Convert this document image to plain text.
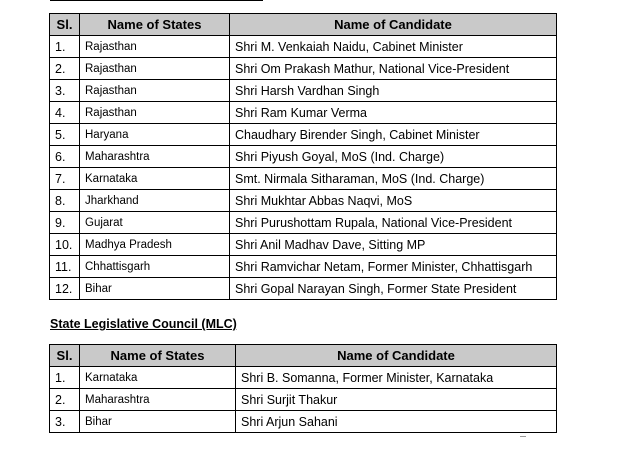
Sl.	Name of States	Name of Candidate
1.	Rajasthan	Shri M. Venkaiah Naidu, Cabinet Minister
2.	Rajasthan	Shri Om Prakash Mathur, National Vice-President
3.	Rajasthan	Shri Harsh Vardhan Singh
4.	Rajasthan	Shri Ram Kumar Verma
5.	Haryana	Chaudhary Birender Singh, Cabinet Minister
6.	Maharashtra	Shri Piyush Goyal, MoS (Ind. Charge)
7.	Karnataka	Smt. Nirmala Sitharaman, MoS (Ind. Charge)
8.	Jharkhand	Shri Mukhtar Abbas Naqvi, MoS
9.	Gujarat	Shri Purushottam Rupala, National Vice-President
10.	Madhya Pradesh	Shri Anil Madhav Dave, Sitting MP
11.	Chhattisgarh	Shri Ramvichar Netam, Former Minister, Chhattisgarh
12.	Bihar	Shri Gopal Narayan Singh, Former State President
State Legislative Council (MLC)
Sl.	Name of States	Name of Candidate
1.	Karnataka	Shri B. Somanna, Former Minister, Karnataka
2.	Maharashtra	Shri Surjit Thakur
3.	Bihar	Shri Arjun Sahani
